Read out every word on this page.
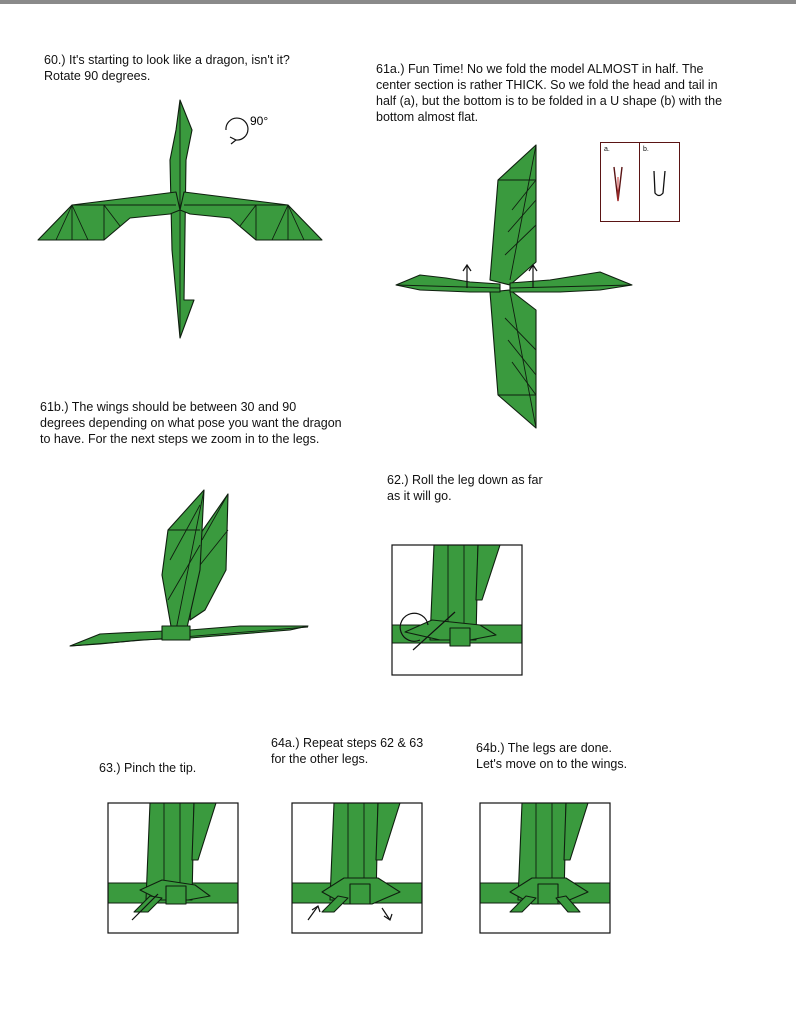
60.) It's starting to look like a dragon, isn't it?
Rotate 90 degrees.
90°
61a.) Fun Time! No we fold the model ALMOST in half. The
center section is rather THICK. So we fold the head and tail in
half (a), but the bottom is to be folded in a U shape (b) with the
bottom almost flat.
a.	b.
61b.) The wings should be between 30 and 90
degrees depending on what pose you want the dragon
to have. For the next steps we zoom in to the legs.
62.) Roll the leg down as far
as it will go.
63.) Pinch the tip.
64a.) Repeat steps 62 & 63
for the other legs.
64b.) The legs are done.
Let's move on to the wings.
